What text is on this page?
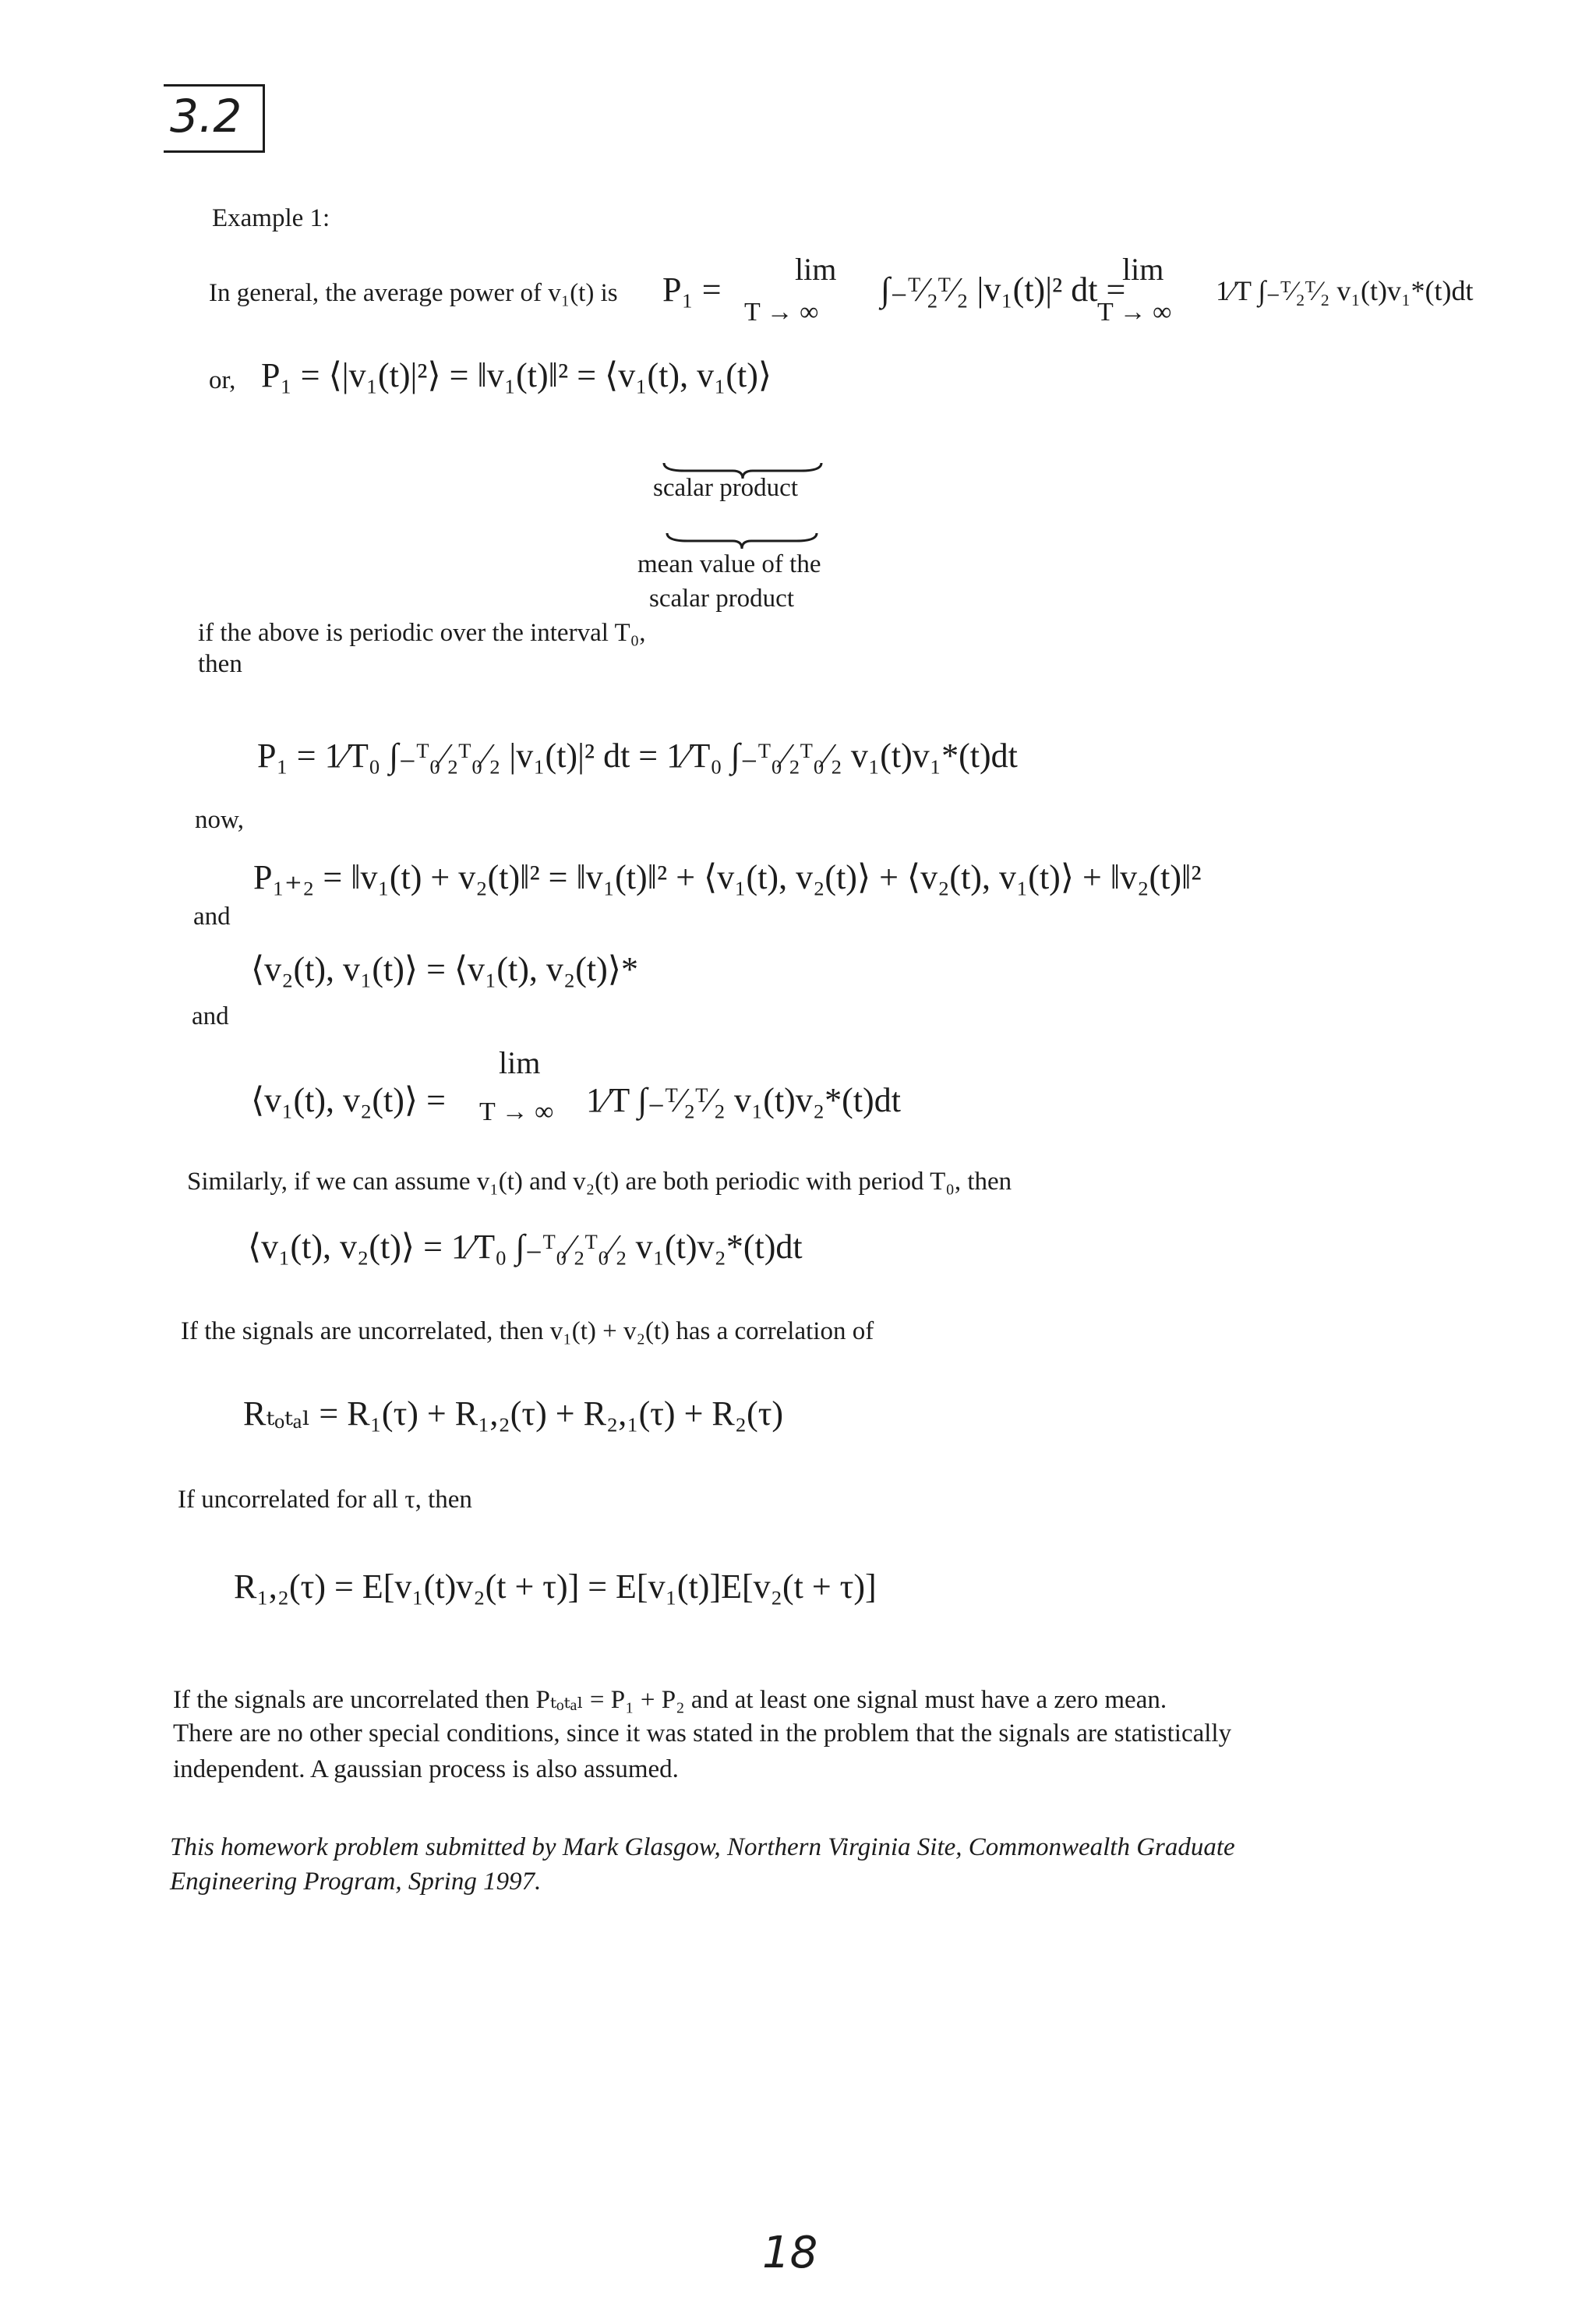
3.2
Example 1:
In general, the average power of v₁(t) is P₁ =
lim
T → ∞
∫₋ᵀ⁄₂ᵀ⁄₂ |v₁(t)|² dt =
lim
T → ∞
1⁄T ∫₋ᵀ⁄₂ᵀ⁄₂ v₁(t)v₁*(t)dt
or, P₁ = ⟨|v₁(t)|²⟩ = ‖v₁(t)‖² = ⟨v₁(t), v₁(t)⟩
scalar product
mean value of the
scalar product
if the above is periodic over the interval T₀,
then
P₁ = 1⁄T₀ ∫₋ᵀ₀⁄₂ᵀ₀⁄₂ |v₁(t)|² dt = 1⁄T₀ ∫₋ᵀ₀⁄₂ᵀ₀⁄₂ v₁(t)v₁*(t)dt
now,
P₁₊₂ = ‖v₁(t) + v₂(t)‖² = ‖v₁(t)‖² + ⟨v₁(t), v₂(t)⟩ + ⟨v₂(t), v₁(t)⟩ + ‖v₂(t)‖²
and
⟨v₂(t), v₁(t)⟩ = ⟨v₁(t), v₂(t)⟩*
and
⟨v₁(t), v₂(t)⟩ =
lim
T → ∞ 1⁄T ∫₋ᵀ⁄₂ᵀ⁄₂ v₁(t)v₂*(t)dt
Similarly, if we can assume v₁(t) and v₂(t) are both periodic with period T₀, then
⟨v₁(t), v₂(t)⟩ = 1⁄T₀ ∫₋ᵀ₀⁄₂ᵀ₀⁄₂ v₁(t)v₂*(t)dt
If the signals are uncorrelated, then v₁(t) + v₂(t) has a correlation of
Rₜₒₜₐₗ = R₁(τ) + R₁,₂(τ) + R₂,₁(τ) + R₂(τ)
If uncorrelated for all τ, then
R₁,₂(τ) = E[v₁(t)v₂(t + τ)] = E[v₁(t)]E[v₂(t + τ)]
If the signals are uncorrelated then Pₜₒₜₐₗ = P₁ + P₂ and at least one signal must have a zero mean.
There are no other special conditions, since it was stated in the problem that the signals are statistically
independent. A gaussian process is also assumed.
This homework problem submitted by Mark Glasgow, Northern Virginia Site, Commonwealth Graduate
Engineering Program, Spring 1997.
18
